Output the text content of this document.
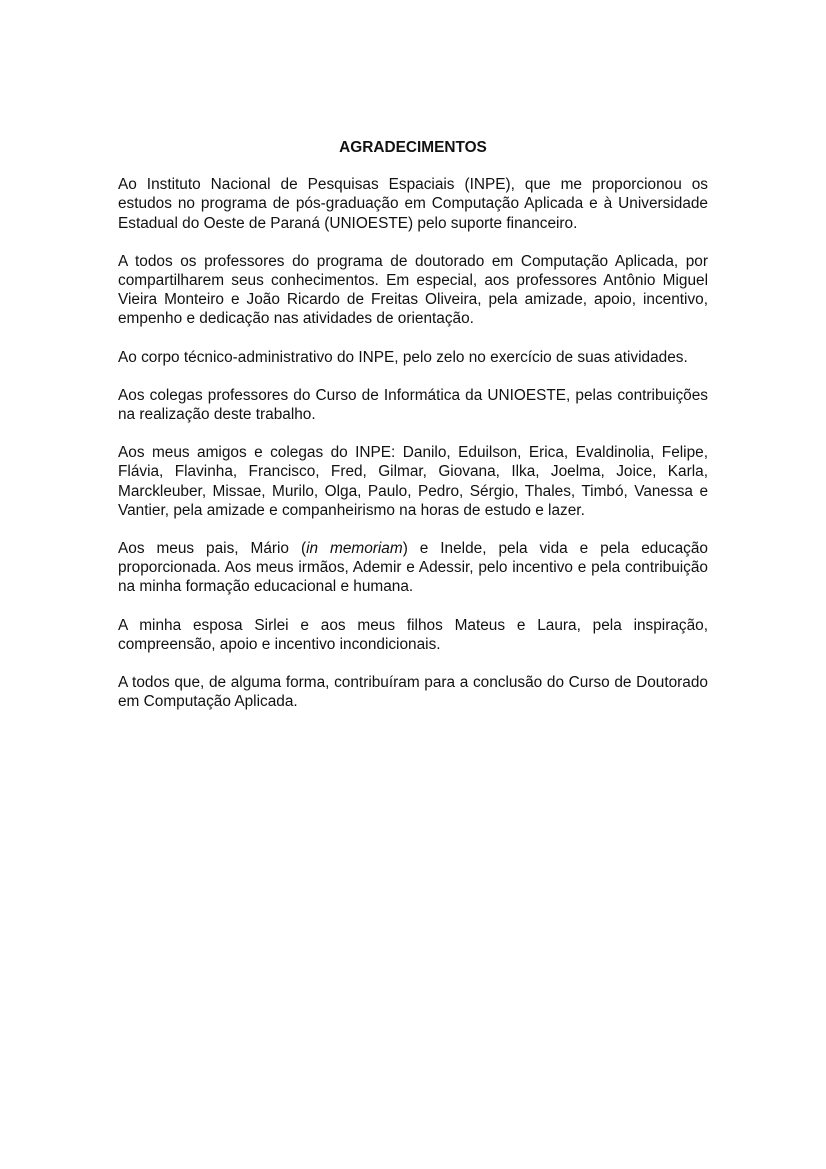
AGRADECIMENTOS

Ao Instituto Nacional de Pesquisas Espaciais (INPE), que me proporcionou os estudos no programa de pós-graduação em Computação Aplicada e à Universidade Estadual do Oeste de Paraná (UNIOESTE) pelo suporte financeiro.

A todos os professores do programa de doutorado em Computação Aplicada, por compartilharem seus conhecimentos. Em especial, aos professores Antônio Miguel Vieira Monteiro e João Ricardo de Freitas Oliveira, pela amizade, apoio, incentivo, empenho e dedicação nas atividades de orientação.

Ao corpo técnico-administrativo do INPE, pelo zelo no exercício de suas atividades.

Aos colegas professores do Curso de Informática da UNIOESTE, pelas contribuições na realização deste trabalho.

Aos meus amigos e colegas do INPE: Danilo, Eduilson, Erica, Evaldinolia, Felipe, Flávia, Flavinha, Francisco, Fred, Gilmar, Giovana, Ilka, Joelma, Joice, Karla, Marckleuber, Missae, Murilo, Olga, Paulo, Pedro, Sérgio, Thales, Timbó, Vanessa e Vantier, pela amizade e companheirismo na horas de estudo e lazer.

Aos meus pais, Mário (in memoriam) e Inelde, pela vida e pela educação proporcionada. Aos meus irmãos, Ademir e Adessir, pelo incentivo e pela contribuição na minha formação educacional e humana.

A minha esposa Sirlei e aos meus filhos Mateus e Laura, pela inspiração, compreensão, apoio e incentivo incondicionais.

A todos que, de alguma forma, contribuíram para a conclusão do Curso de Doutorado em Computação Aplicada.
